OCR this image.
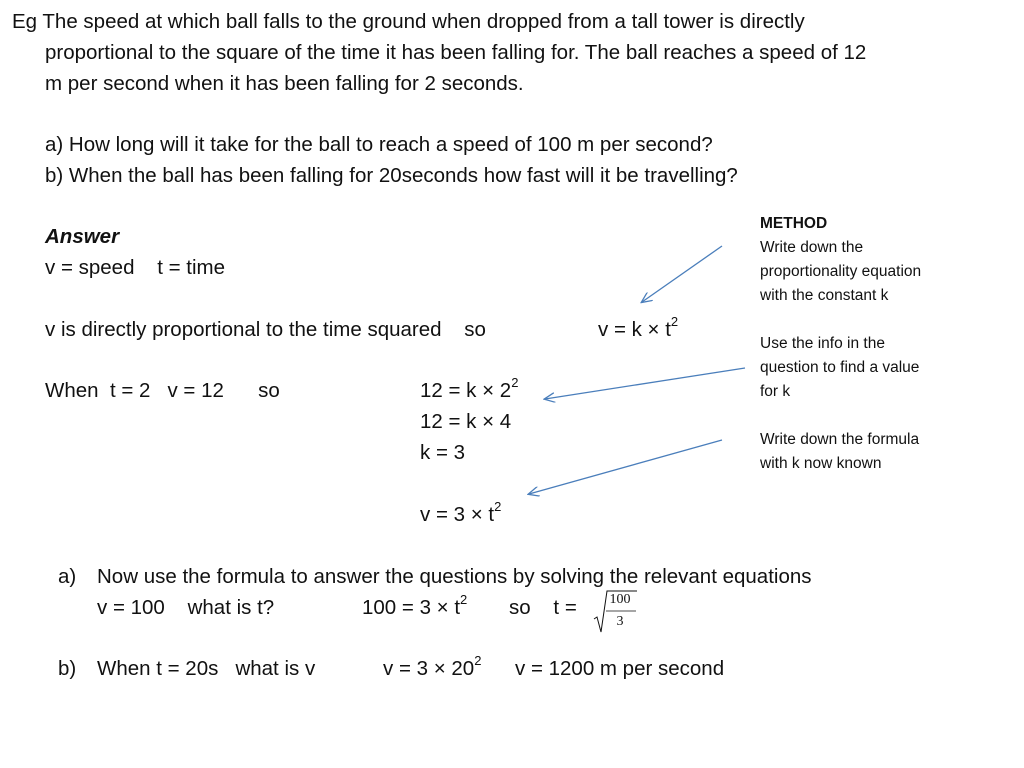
Eg The speed at which ball falls to the ground when dropped from a tall tower is directly
proportional to the square of the time it has been falling for. The ball reaches a speed of 12
m per second when it has been falling for 2 seconds.
a) How long will it take for the ball to reach a speed of 100 m per second?
b) When the ball has been falling for 20seconds how fast will it be travelling?
Answer
v = speed    t = time
v is directly proportional to the time squared    so	$v = k \times t^2$
When  t = 2   v = 12      so	$12 = k \times 2^2$
12 = k × 4
k = 3
$v = 3 \times t^2$
a) Now use the formula to answer the questions by solving the relevant equations
v = 100    what is t?	$100 = 3 \times t^2$ so    t =	100
3
b) When t = 20s   what is v	$v = 3 \times 20^2$ v = 1200 m per second
METHOD
Write down the
proportionality equation
with the constant k
Use the info in the
question to find a value
for k
Write down the formula
with k now known
